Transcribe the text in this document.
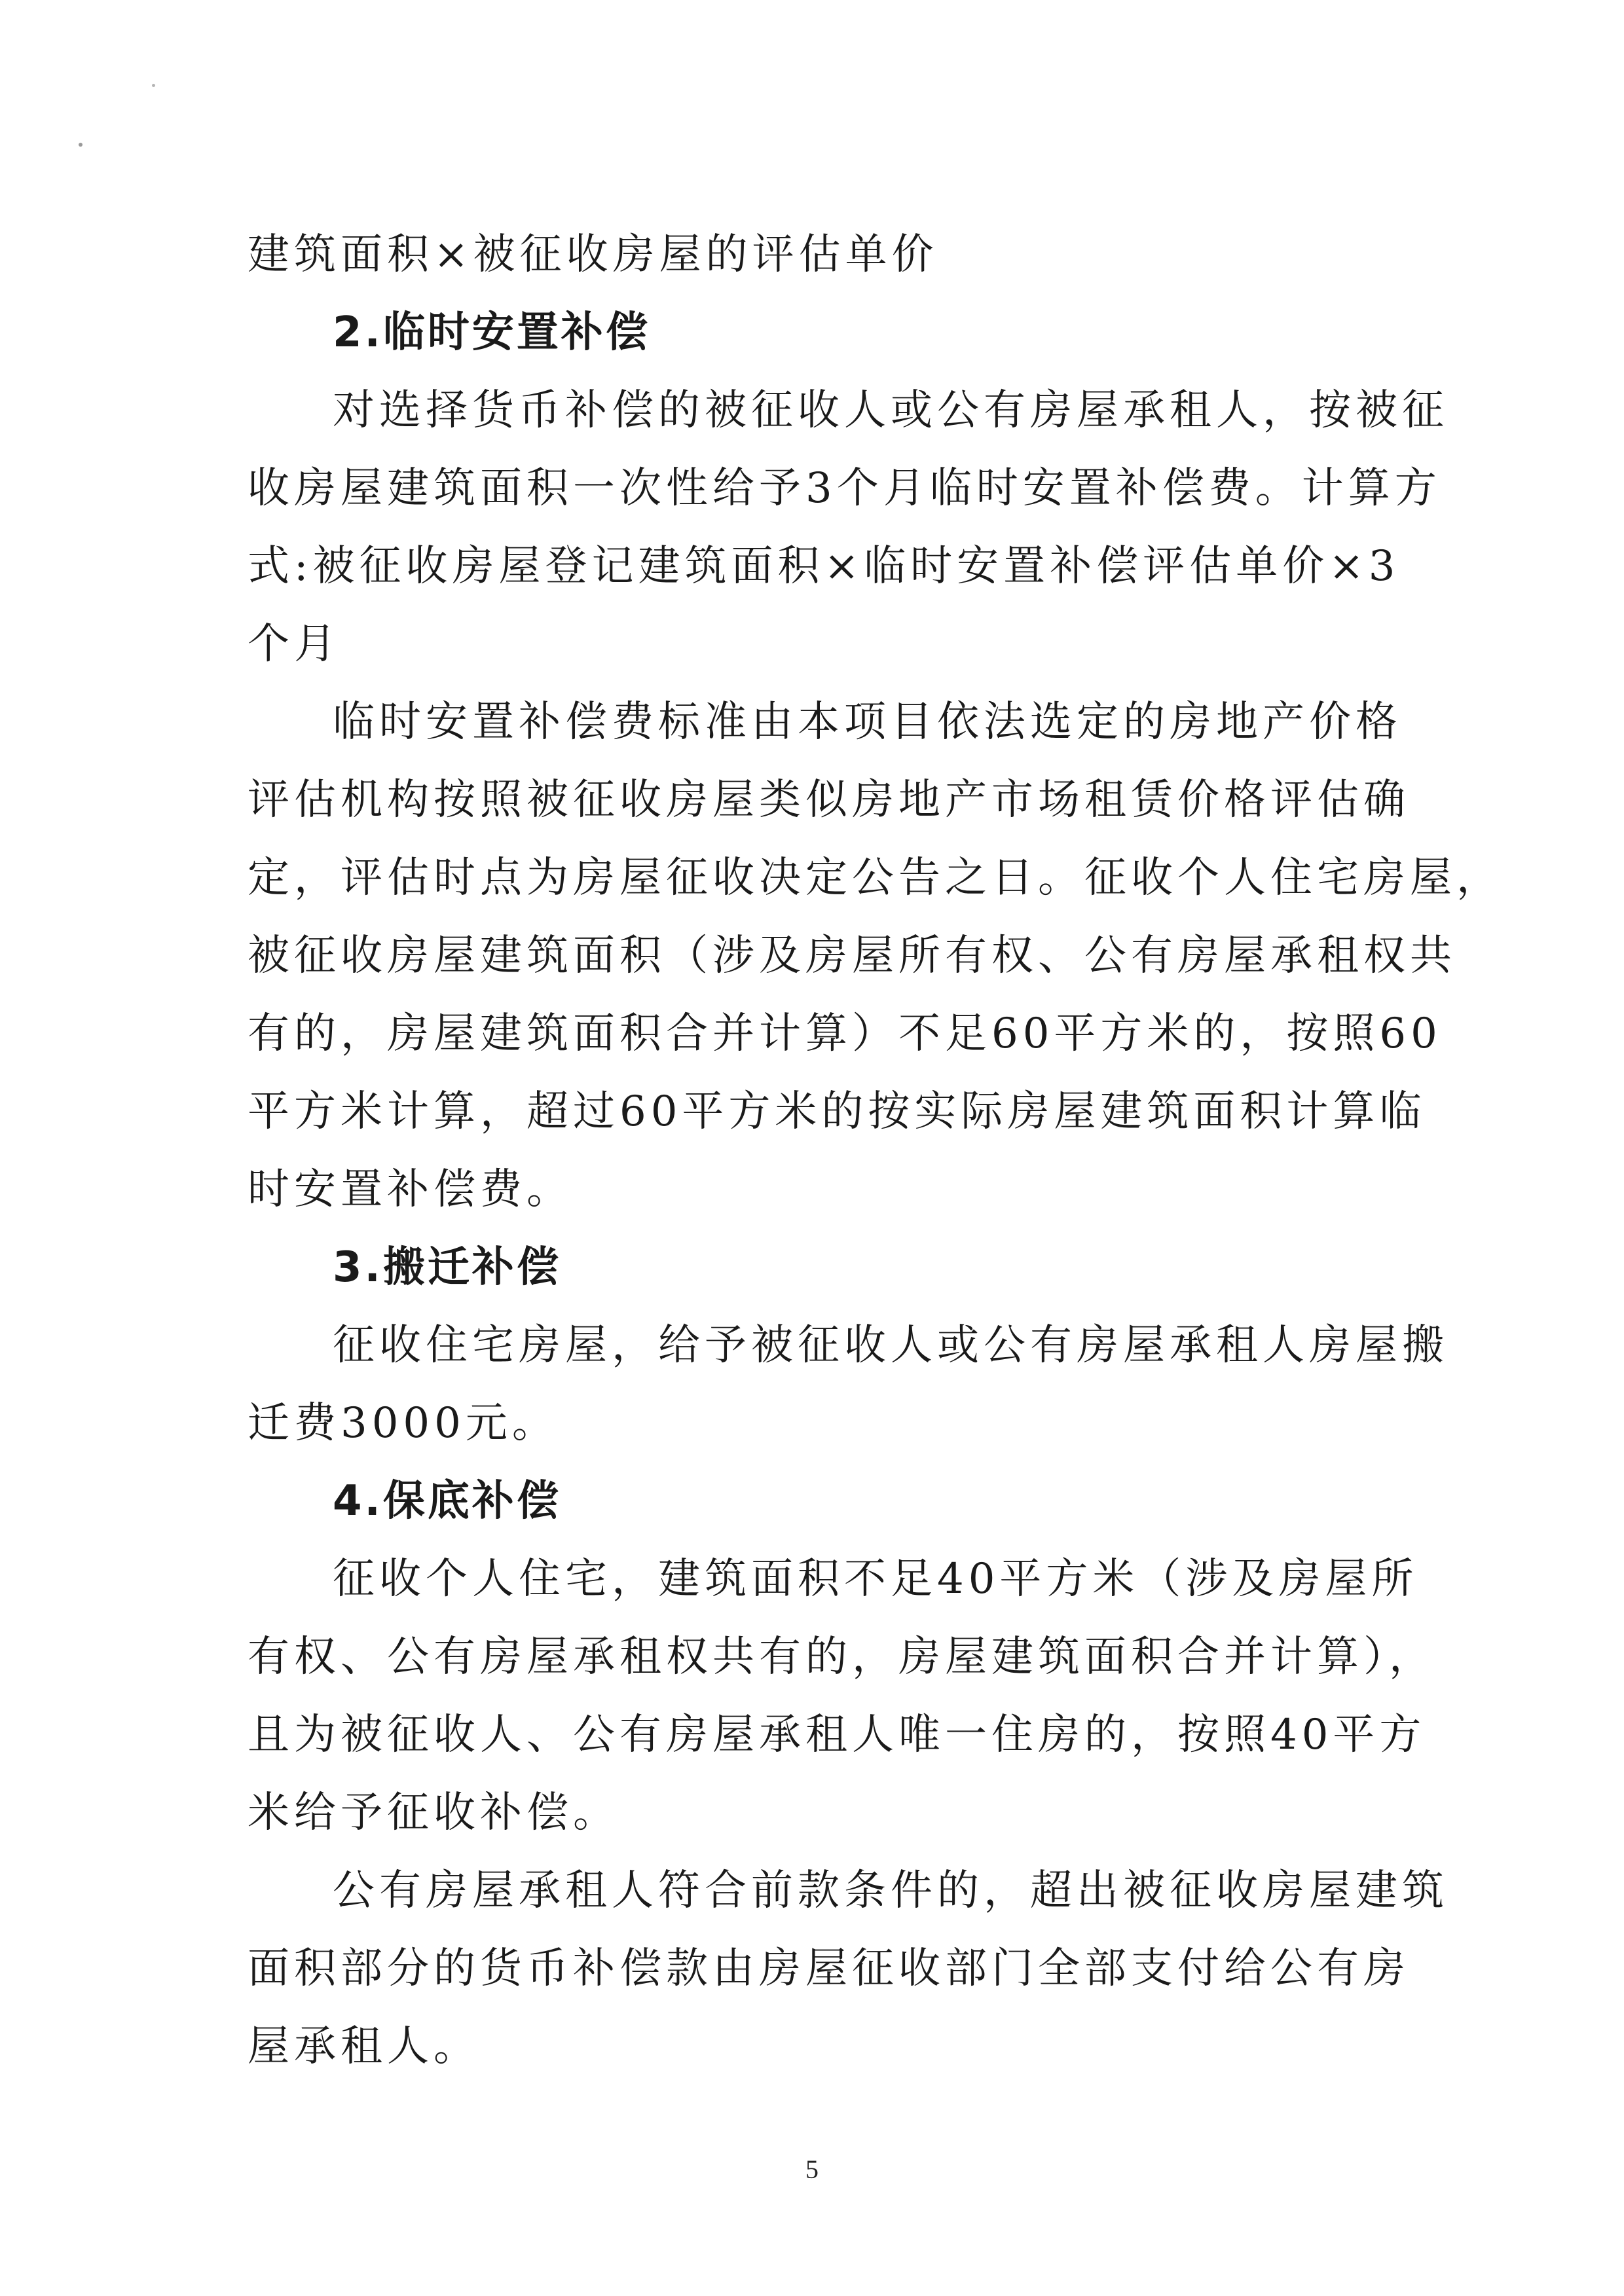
建筑面积×被征收房屋的评估单价
2.临时安置补偿
对选择货币补偿的被征收人或公有房屋承租人，按被征
收房屋建筑面积一次性给予3个月临时安置补偿费。计算方
式:被征收房屋登记建筑面积×临时安置补偿评估单价×3
个月
临时安置补偿费标准由本项目依法选定的房地产价格
评估机构按照被征收房屋类似房地产市场租赁价格评估确
定，评估时点为房屋征收决定公告之日。征收个人住宅房屋，
被征收房屋建筑面积（涉及房屋所有权、公有房屋承租权共
有的，房屋建筑面积合并计算）不足60平方米的，按照60
平方米计算，超过60平方米的按实际房屋建筑面积计算临
时安置补偿费。
3.搬迁补偿
征收住宅房屋，给予被征收人或公有房屋承租人房屋搬
迁费3000元。
4.保底补偿
征收个人住宅，建筑面积不足40平方米（涉及房屋所
有权、公有房屋承租权共有的，房屋建筑面积合并计算），
且为被征收人、公有房屋承租人唯一住房的，按照40平方
米给予征收补偿。
公有房屋承租人符合前款条件的，超出被征收房屋建筑
面积部分的货币补偿款由房屋征收部门全部支付给公有房
屋承租人。
5
